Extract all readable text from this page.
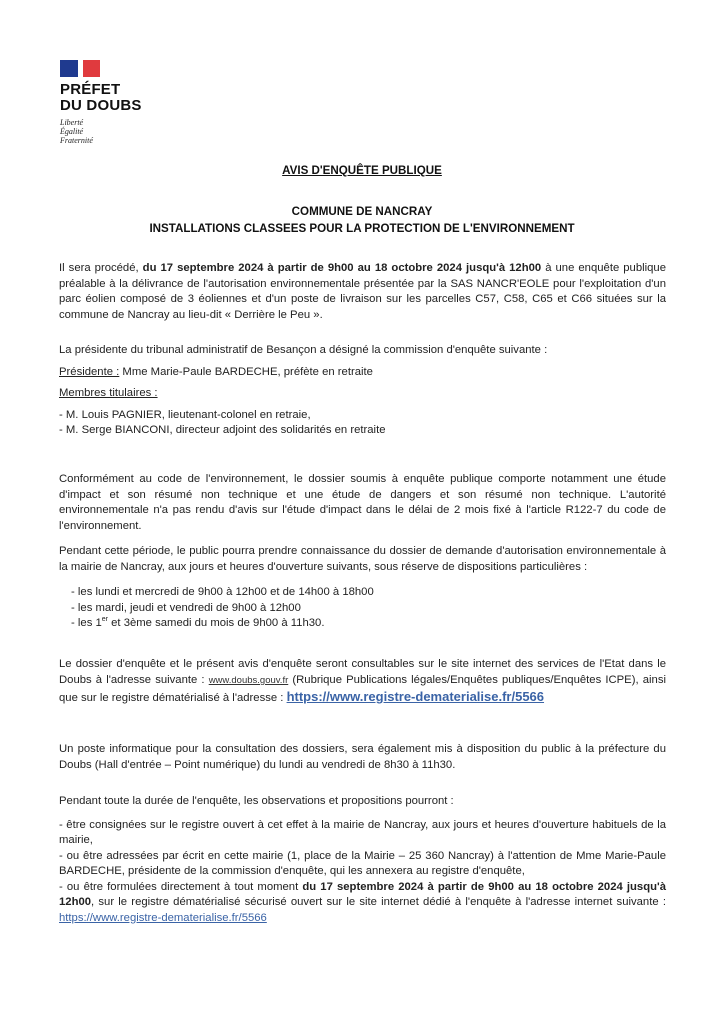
PRÉFET
DU DOUBS
Liberté
Égalité
Fraternité
AVIS D'ENQUÊTE PUBLIQUE
COMMUNE DE NANCRAY
INSTALLATIONS CLASSEES POUR LA PROTECTION DE L'ENVIRONNEMENT

Il sera procédé, du 17 septembre 2024 à partir de 9h00 au 18 octobre 2024 jusqu'à 12h00 à une enquête publique préalable à la délivrance de l'autorisation environnementale présentée par la SAS NANCR'EOLE pour l'exploitation d'un parc éolien composé de 3 éoliennes et d'un poste de livraison sur les parcelles C57, C58, C65 et C66 situées sur la commune de Nancray au lieu-dit « Derrière le Peu ».

La présidente du tribunal administratif de Besançon a désigné la commission d'enquête suivante :

Présidente : Mme Marie-Paule BARDECHE, préfète en retraite

Membres titulaires :

- M. Louis PAGNIER, lieutenant-colonel en retraie,

- M. Serge BIANCONI, directeur adjoint des solidarités en retraite

Conformément au code de l'environnement, le dossier soumis à enquête publique comporte notamment une étude d'impact et son résumé non technique et une étude de dangers et son résumé non technique. L'autorité environnementale n'a pas rendu d'avis sur l'étude d'impact dans le délai de 2 mois fixé à l'article R122-7 du code de l'environnement.

Pendant cette période, le public pourra prendre connaissance du dossier de demande d'autorisation environnementale à la mairie de Nancray, aux jours et heures d'ouverture suivants, sous réserve de dispositions particulières :

- les lundi et mercredi de 9h00 à 12h00 et de 14h00 à 18h00

- les mardi, jeudi et vendredi de 9h00 à 12h00

- les 1er et 3ème samedi du mois de 9h00 à 11h30.

Le dossier d'enquête et le présent avis d'enquête seront consultables sur le site internet des services de l'Etat dans le Doubs à l'adresse suivante : www.doubs.gouv.fr (Rubrique Publications légales/Enquêtes publiques/Enquêtes ICPE), ainsi que sur le registre dématérialisé à l'adresse : https://www.registre-dematerialise.fr/5566

Un poste informatique pour la consultation des dossiers, sera également mis à disposition du public à la préfecture du Doubs (Hall d'entrée – Point numérique) du lundi au vendredi de 8h30 à 11h30.

Pendant toute la durée de l'enquête, les observations et propositions pourront :

- être consignées sur le registre ouvert à cet effet à la mairie de Nancray, aux jours et heures d'ouverture habituels de la mairie,

- ou être adressées par écrit en cette mairie (1, place de la Mairie – 25 360 Nancray) à l'attention de Mme Marie-Paule BARDECHE, présidente de la commission d'enquête, qui les annexera au registre d'enquête,

- ou être formulées directement à tout moment du 17 septembre 2024 à partir de 9h00 au 18 octobre 2024 jusqu'à 12h00, sur le registre dématérialisé sécurisé ouvert sur le site internet dédié à l'enquête à l'adresse internet suivante : https://www.registre-dematerialise.fr/5566
